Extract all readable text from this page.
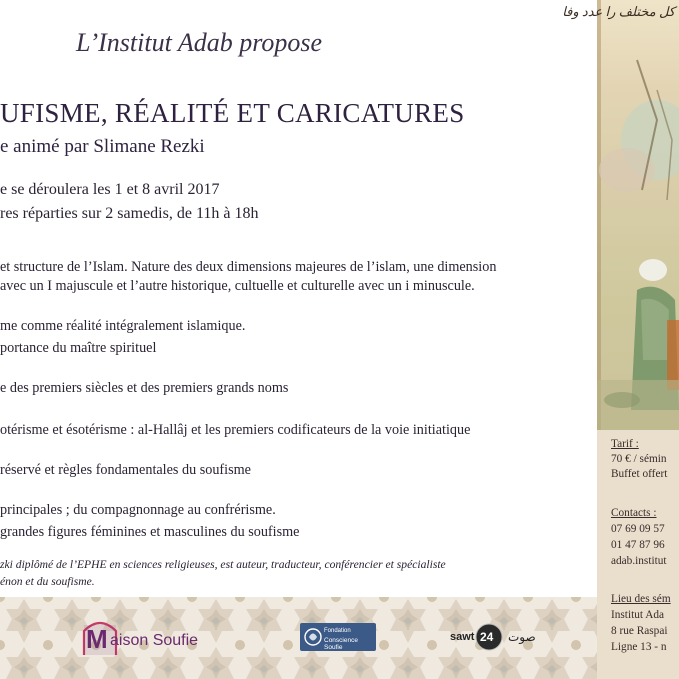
L’Institut Adab propose
UFISME, RÉALITÉ ET CARICATURES
e animé par Slimane Rezki
e se déroulera les 1 et 8 avril 2017
res réparties sur 2 samedis, de 11h à 18h
et structure de l’Islam. Nature des deux dimensions majeures de l’islam, une dimension
avec un I majuscule et l’autre historique, cultuelle et culturelle avec un i minuscule.
me comme réalité intégralement islamique.
portance du maître spirituel
e des premiers siècles et des premiers grands noms
otérisme et ésotérisme : al-Hallâj et les premiers codificateurs de la voie initiatique
réservé et règles fondamentales du soufisme
principales ; du compagnonnage au confrérisme.
grandes figures féminines et masculines du soufisme
zki diplômé de l’EPHE en sciences religieuses, est auteur, traducteur, conférencier et spécialiste
énon et du soufisme.
M aison Soufie
Fondation
Conscience Soufie
sawt 24 صوت
کل مختلف را عدد وفا
Tarif :
70 € / sémin
Buffet offert
Contacts :
07 69 09 57
01 47 87 96
adab.institut
Lieu des sém
Institut Ada
8 rue Raspai
Ligne 13 - n
